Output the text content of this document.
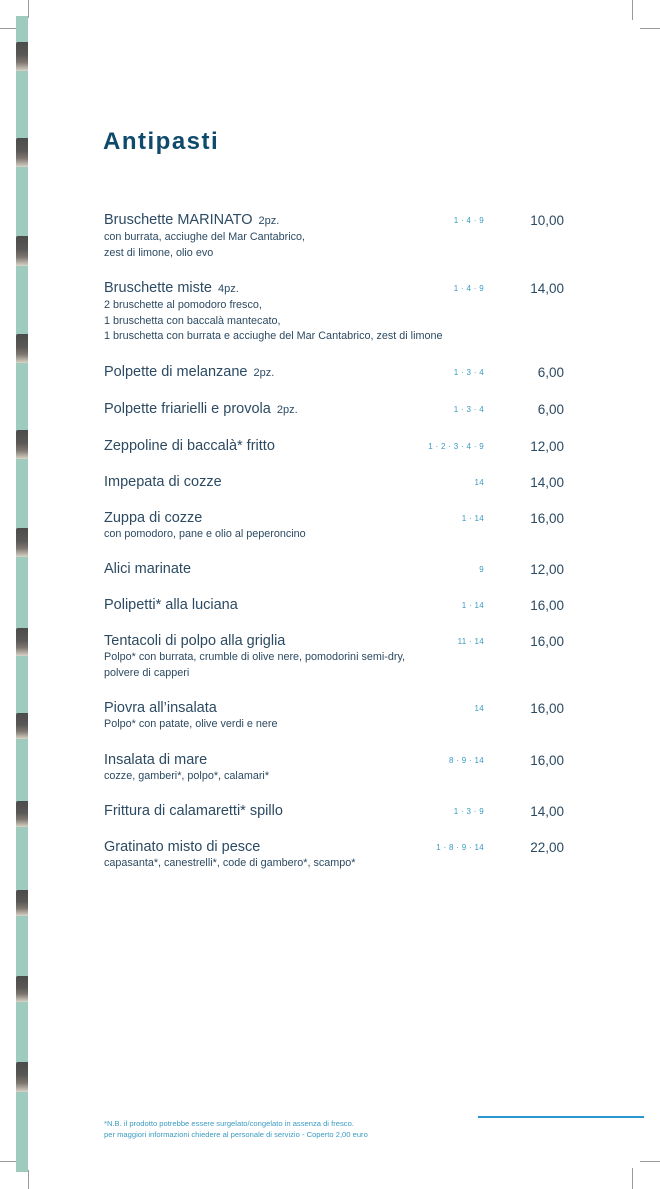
Antipasti
Bruschette MARINATO 2pz.
con burrata, acciughe del Mar Cantabrico,
zest di limone, olio evo
1 · 4 · 9	10,00
Bruschette miste 4pz.
2 bruschette al pomodoro fresco,
1 bruschetta con baccalà mantecato,
1 bruschetta con burrata e acciughe del Mar Cantabrico, zest di limone
1 · 4 · 9	14,00
Polpette di melanzane 2pz.	1 · 3 · 4	6,00
Polpette friarielli e provola 2pz.	1 · 3 · 4	6,00
Zeppoline di baccalà* fritto	1 · 2 · 3 · 4 · 9	12,00
Impepata di cozze	14	14,00
Zuppa di cozze
con pomodoro, pane e olio al peperoncino
1 · 14	16,00
Alici marinate	9	12,00
Polipetti* alla luciana	1 · 14	16,00
Tentacoli di polpo alla griglia
Polpo* con burrata, crumble di olive nere, pomodorini semi-dry,
polvere di capperi
11 · 14	16,00
Piovra all’insalata
Polpo* con patate, olive verdi e nere
14	16,00
Insalata di mare
cozze, gamberi*, polpo*, calamari*
8 · 9 · 14	16,00
Frittura di calamaretti* spillo	1 · 3 · 9	14,00
Gratinato misto di pesce
capasanta*, canestrelli*, code di gambero*, scampo*
1 · 8 · 9 · 14	22,00
*N.B. il prodotto potrebbe essere surgelato/congelato in assenza di fresco.
per maggiori informazioni chiedere al personale di servizio - Coperto 2,00 euro
